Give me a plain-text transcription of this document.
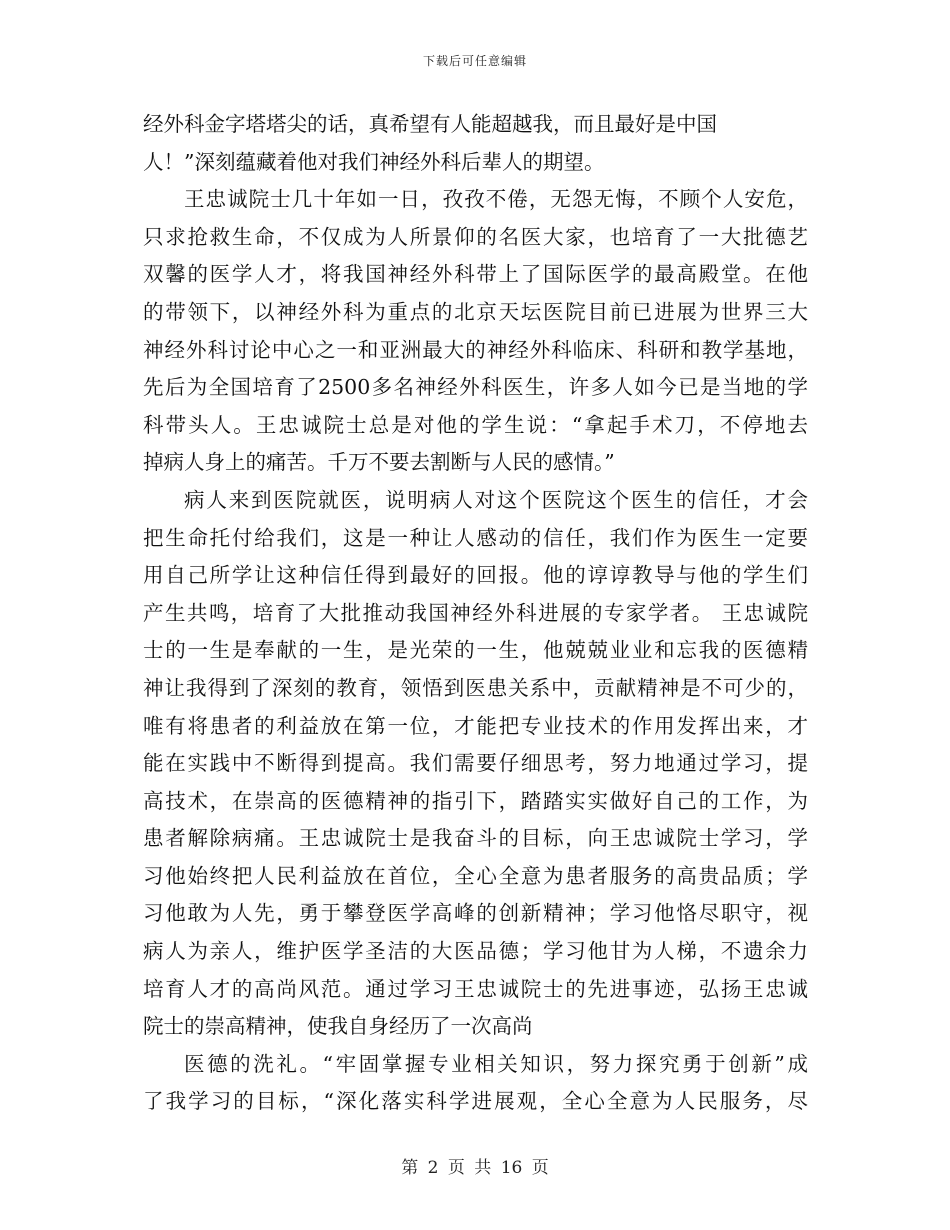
下载后可任意编辑
经外科金字塔塔尖的话，真希望有人能超越我，而且最好是中国
人！”深刻蕴藏着他对我们神经外科后辈人的期望。
王忠诚院士几十年如一日，孜孜不倦，无怨无悔，不顾个人安危，
只求抢救生命，不仅成为人所景仰的名医大家，也培育了一大批德艺
双馨的医学人才，将我国神经外科带上了国际医学的最高殿堂。在他
的带领下，以神经外科为重点的北京天坛医院目前已进展为世界三大
神经外科讨论中心之一和亚洲最大的神经外科临床、科研和教学基地，
先后为全国培育了2500多名神经外科医生，许多人如今已是当地的学
科带头人。王忠诚院士总是对他的学生说：“拿起手术刀，不停地去
掉病人身上的痛苦。千万不要去割断与人民的感情。”
病人来到医院就医，说明病人对这个医院这个医生的信任，才会
把生命托付给我们，这是一种让人感动的信任，我们作为医生一定要
用自己所学让这种信任得到最好的回报。他的谆谆教导与他的学生们
产生共鸣，培育了大批推动我国神经外科进展的专家学者。 王忠诚院
士的一生是奉献的一生，是光荣的一生，他兢兢业业和忘我的医德精
神让我得到了深刻的教育，领悟到医患关系中，贡献精神是不可少的，
唯有将患者的利益放在第一位，才能把专业技术的作用发挥出来，才
能在实践中不断得到提高。我们需要仔细思考，努力地通过学习，提
高技术，在崇高的医德精神的指引下，踏踏实实做好自己的工作，为
患者解除病痛。王忠诚院士是我奋斗的目标，向王忠诚院士学习，学
习他始终把人民利益放在首位，全心全意为患者服务的高贵品质；学
习他敢为人先，勇于攀登医学高峰的创新精神；学习他恪尽职守，视
病人为亲人，维护医学圣洁的大医品德；学习他甘为人梯，不遗余力
培育人才的高尚风范。通过学习王忠诚院士的先进事迹，弘扬王忠诚
院士的崇高精神，使我自身经历了一次高尚
医德的洗礼。“牢固掌握专业相关知识，努力探究勇于创新”成
了我学习的目标，“深化落实科学进展观，全心全意为人民服务，尽
第 2 页 共 16 页
